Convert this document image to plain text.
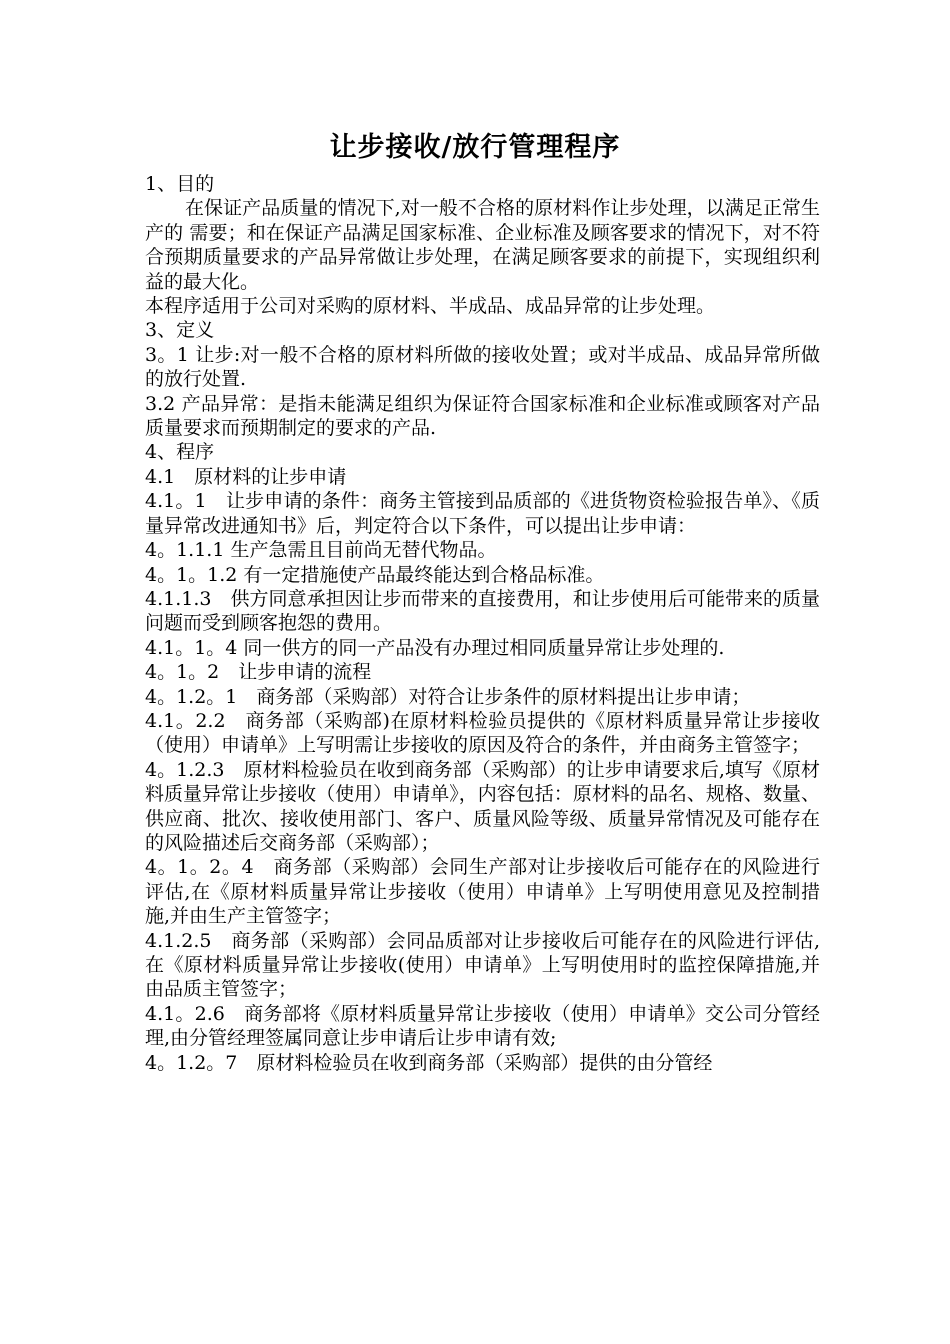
让步接收/放行管理程序

1、目的

在保证产品质量的情况下,对一般不合格的原材料作让步处理，以满足正常生产的 需要；和在保证产品满足国家标准、企业标准及顾客要求的情况下，对不符合预期质量要求的产品异常做让步处理，在满足顾客要求的前提下，实现组织利益的最大化。

本程序适用于公司对采购的原材料、半成品、成品异常的让步处理。

3、定义

3。1 让步:对一般不合格的原材料所做的接收处置；或对半成品、成品异常所做的放行处置.

3.2 产品异常：是指未能满足组织为保证符合国家标准和企业标准或顾客对产品质量要求而预期制定的要求的产品.

4、程序

4.1　原材料的让步申请

4.1。1　让步申请的条件：商务主管接到品质部的《进货物资检验报告单》、《质量异常改进通知书》后，判定符合以下条件，可以提出让步申请：

4。1.1.1 生产急需且目前尚无替代物品。

4。1。1.2 有一定措施使产品最终能达到合格品标准。

4.1.1.3　供方同意承担因让步而带来的直接费用，和让步使用后可能带来的质量问题而受到顾客抱怨的费用。

4.1。1。4 同一供方的同一产品没有办理过相同质量异常让步处理的.

4。1。2　让步申请的流程

4。1.2。1　商务部（采购部）对符合让步条件的原材料提出让步申请；

4.1。2.2　商务部（采购部)在原材料检验员提供的《原材料质量异常让步接收（使用）申请单》上写明需让步接收的原因及符合的条件，并由商务主管签字；

4。1.2.3　原材料检验员在收到商务部（采购部）的让步申请要求后,填写《原材料质量异常让步接收（使用）申请单》，内容包括：原材料的品名、规格、数量、供应商、批次、接收使用部门、客户、质量风险等级、质量异常情况及可能存在的风险描述后交商务部（采购部）；

4。1。2。4　商务部（采购部）会同生产部对让步接收后可能存在的风险进行评估,在《原材料质量异常让步接收（使用）申请单》上写明使用意见及控制措施,并由生产主管签字；

4.1.2.5　商务部（采购部）会同品质部对让步接收后可能存在的风险进行评估,在《原材料质量异常让步接收(使用）申请单》上写明使用时的监控保障措施,并由品质主管签字；

4.1。2.6　商务部将《原材料质量异常让步接收（使用）申请单》交公司分管经理,由分管经理签属同意让步申请后让步申请有效;

4。1.2。7　原材料检验员在收到商务部（采购部）提供的由分管经
